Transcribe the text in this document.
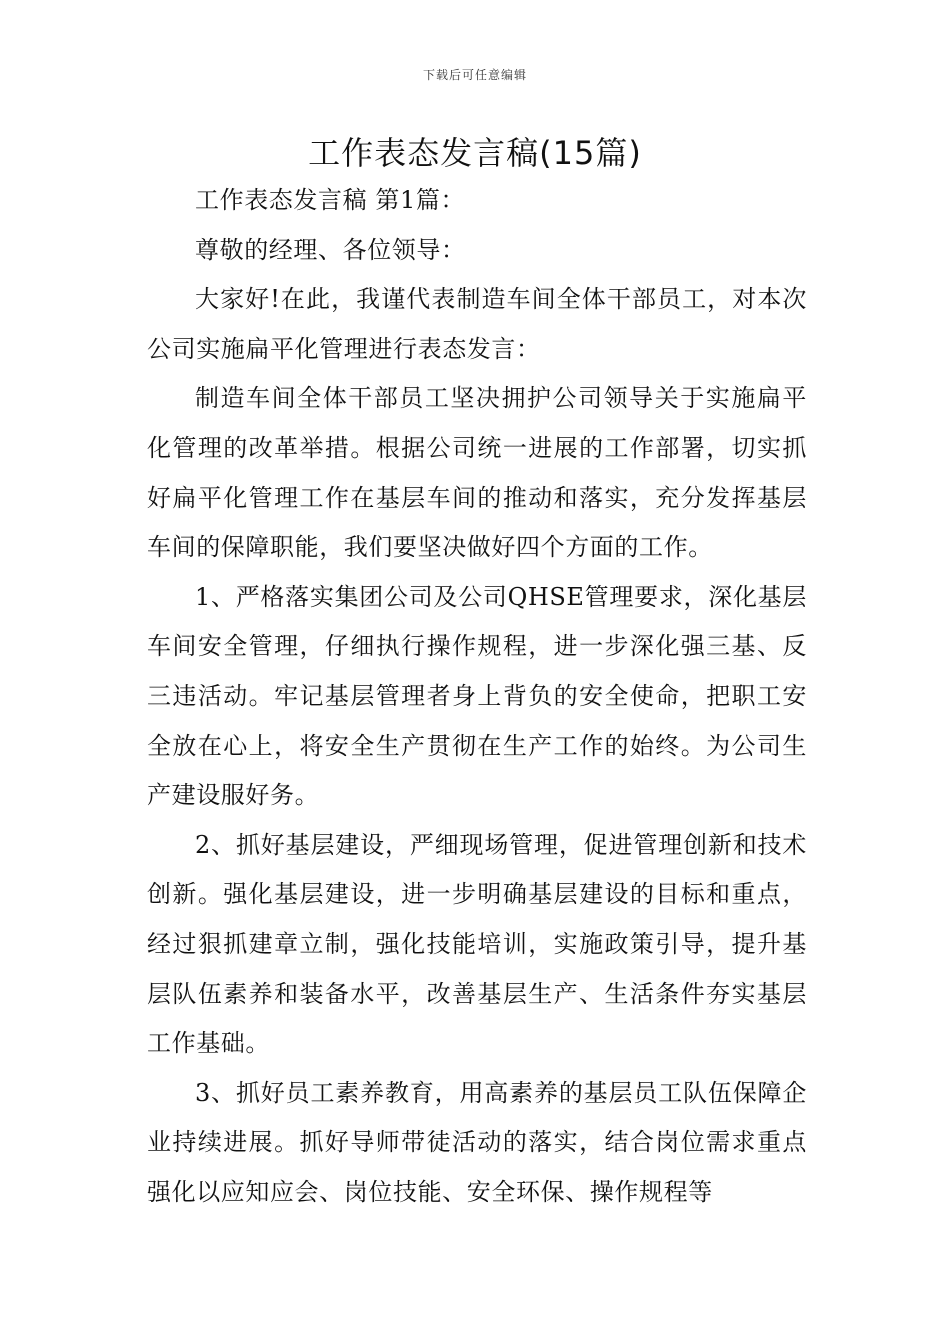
下载后可任意编辑
工作表态发言稿(15篇)

工作表态发言稿 第1篇：

尊敬的经理、各位领导：

大家好!在此，我谨代表制造车间全体干部员工，对本次公司实施扁平化管理进行表态发言：

制造车间全体干部员工坚决拥护公司领导关于实施扁平化管理的改革举措。根据公司统一进展的工作部署，切实抓好扁平化管理工作在基层车间的推动和落实，充分发挥基层车间的保障职能，我们要坚决做好四个方面的工作。

1、严格落实集团公司及公司QHSE管理要求，深化基层车间安全管理，仔细执行操作规程，进一步深化强三基、反三违活动。牢记基层管理者身上背负的安全使命，把职工安全放在心上，将安全生产贯彻在生产工作的始终。为公司生产建设服好务。

2、抓好基层建设，严细现场管理，促进管理创新和技术创新。强化基层建设，进一步明确基层建设的目标和重点，经过狠抓建章立制，强化技能培训，实施政策引导，提升基层队伍素养和装备水平，改善基层生产、生活条件夯实基层工作基础。

3、抓好员工素养教育，用高素养的基层员工队伍保障企业持续进展。抓好导师带徒活动的落实，结合岗位需求重点强化以应知应会、岗位技能、安全环保、操作规程等
